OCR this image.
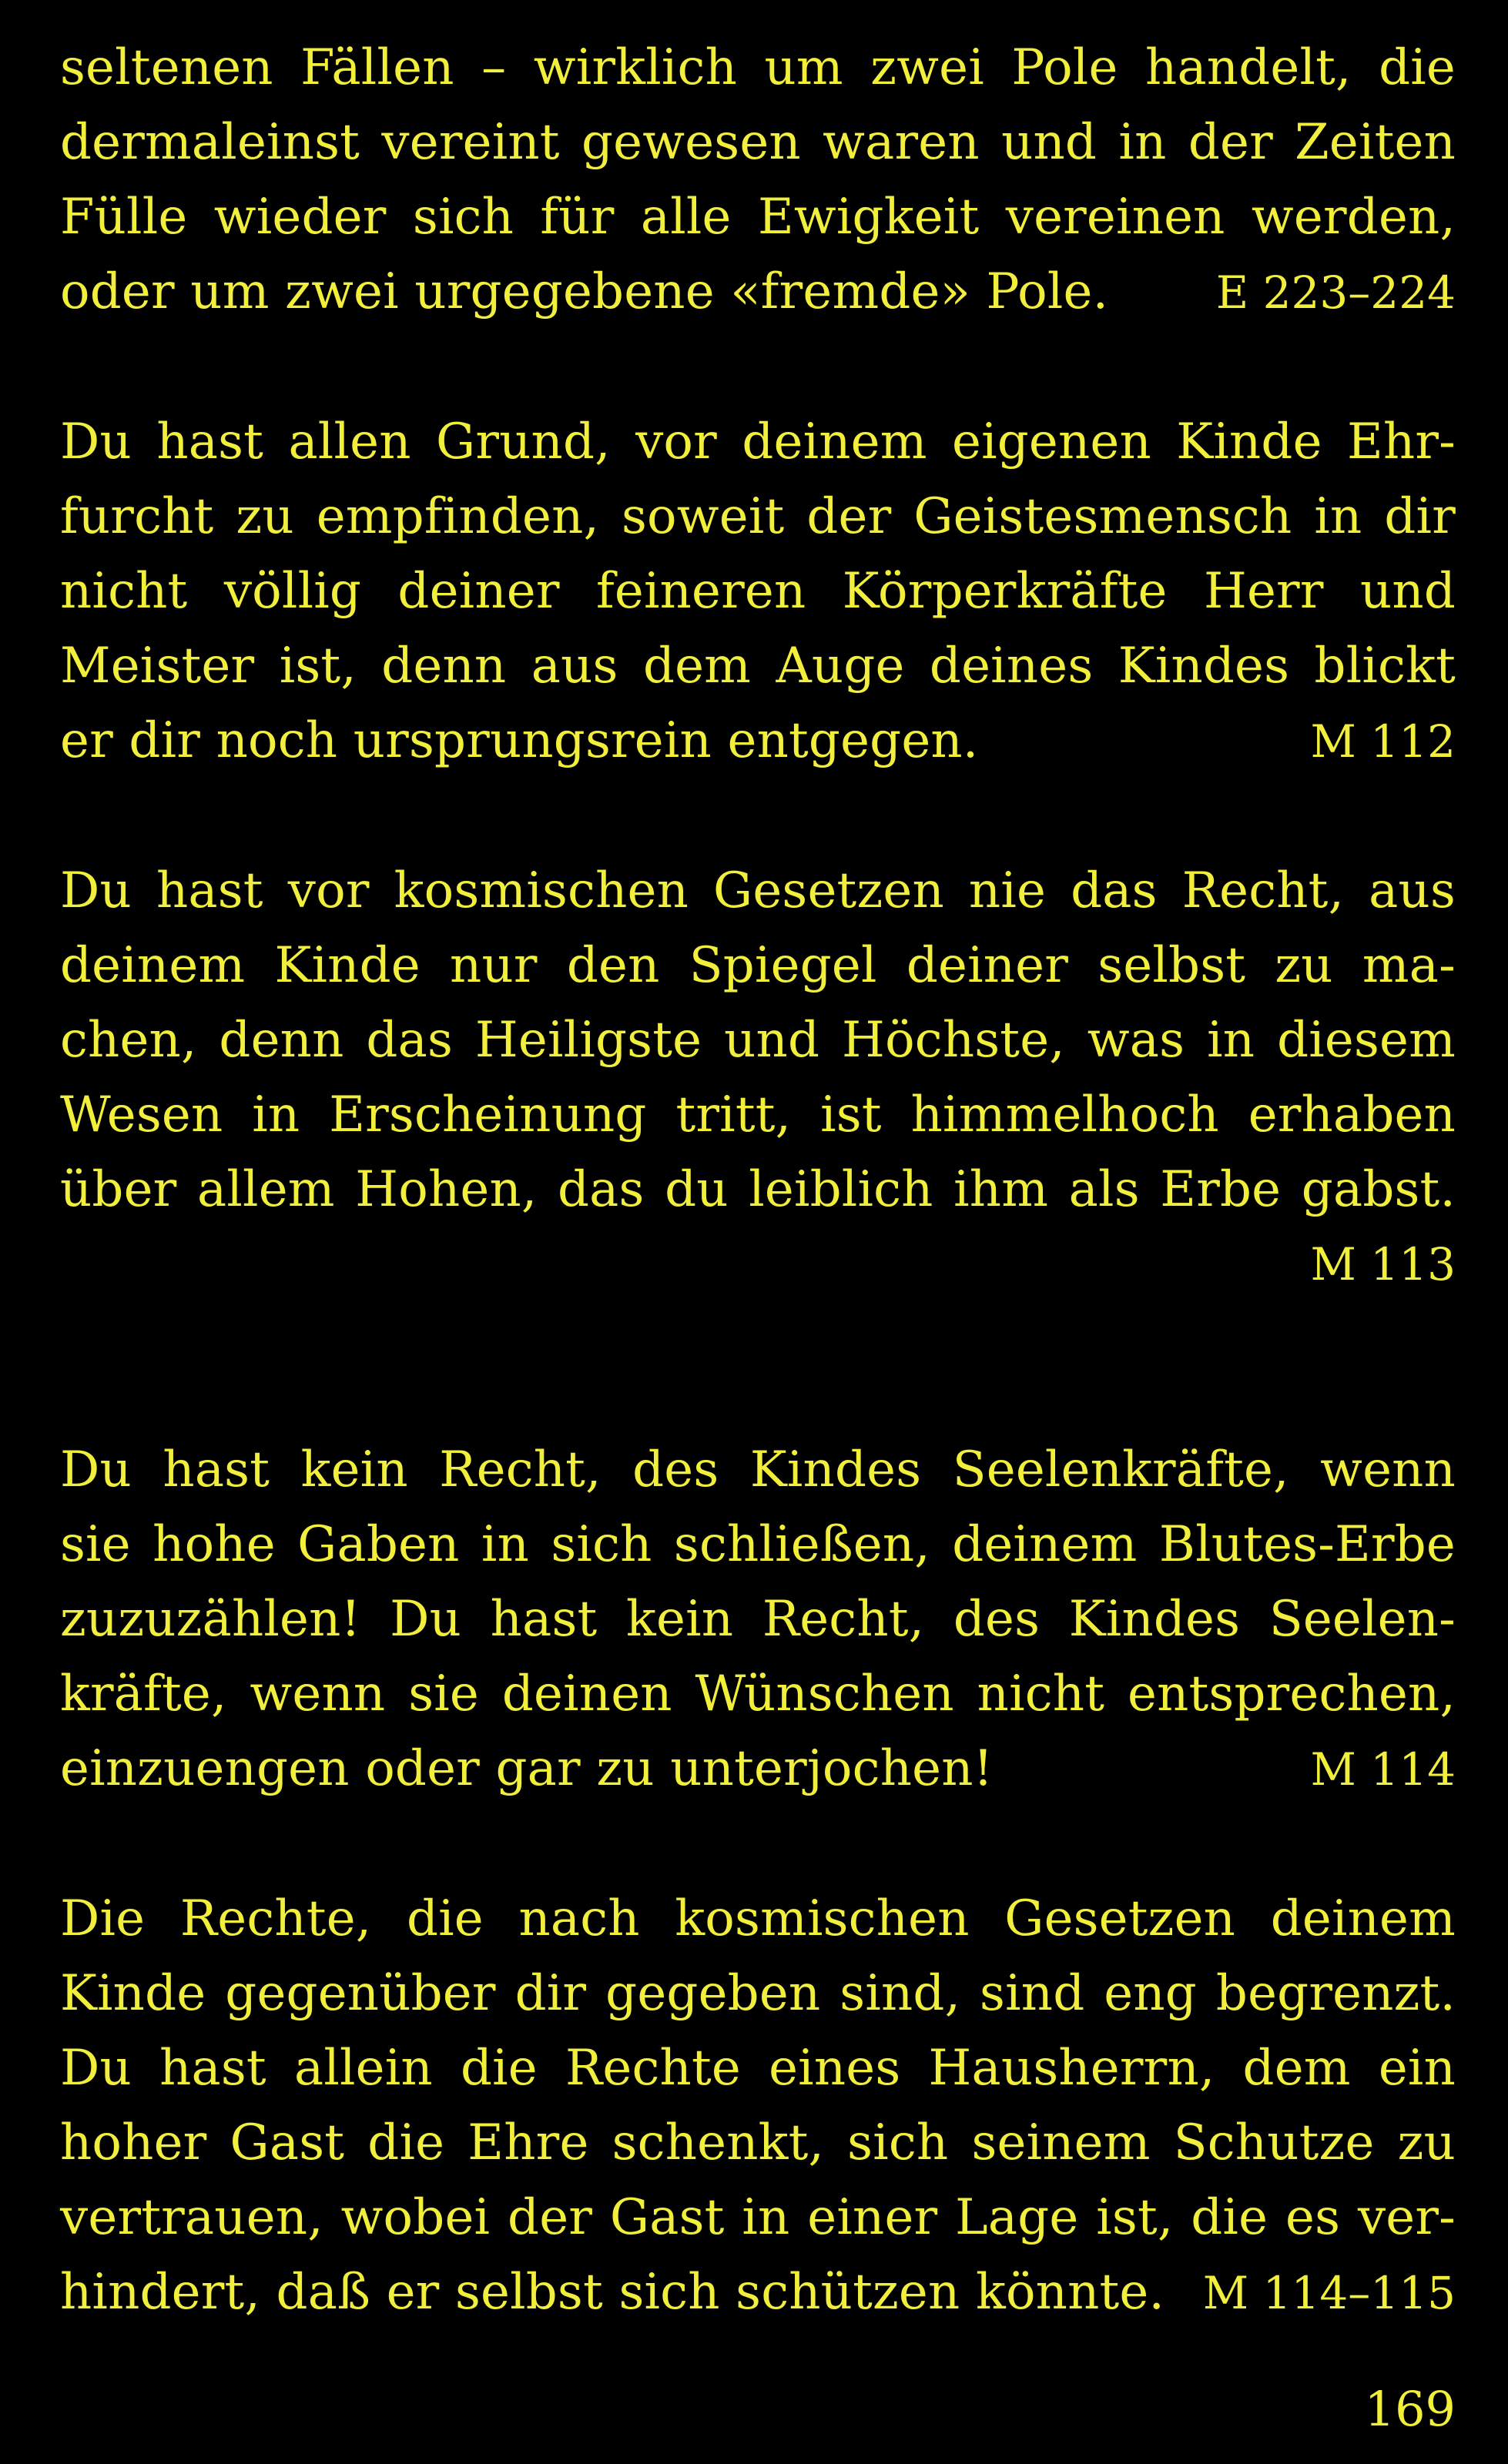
seltenen Fällen – wirklich um zwei Pole handelt, die
dermaleinst vereint gewesen waren und in der Zeiten
Fülle wieder sich für alle Ewigkeit vereinen werden,
oder um zwei urgegebene «fremde» Pole. E 223–224
Du hast allen Grund, vor deinem eigenen Kinde Ehr-
furcht zu empfinden, soweit der Geistesmensch in dir
nicht völlig deiner feineren Körperkräfte Herr und
Meister ist, denn aus dem Auge deines Kindes blickt
er dir noch ursprungsrein entgegen.	M 112
Du hast vor kosmischen Gesetzen nie das Recht, aus
deinem Kinde nur den Spiegel deiner selbst zu ma-
chen, denn das Heiligste und Höchste, was in diesem
Wesen in Erscheinung tritt, ist himmelhoch erhaben
über allem Hohen, das du leiblich ihm als Erbe gabst.
M 113
Du hast kein Recht, des Kindes Seelenkräfte, wenn
sie hohe Gaben in sich schließen, deinem Blutes-Erbe
zuzuzählen! Du hast kein Recht, des Kindes Seelen-
kräfte, wenn sie deinen Wünschen nicht entsprechen,
einzuengen oder gar zu unterjochen!	M 114
Die Rechte, die nach kosmischen Gesetzen deinem
Kinde gegenüber dir gegeben sind, sind eng begrenzt.
Du hast allein die Rechte eines Hausherrn, dem ein
hoher Gast die Ehre schenkt, sich seinem Schutze zu
vertrauen, wobei der Gast in einer Lage ist, die es ver-
hindert, daß er selbst sich schützen könnte. M 114–115
169
